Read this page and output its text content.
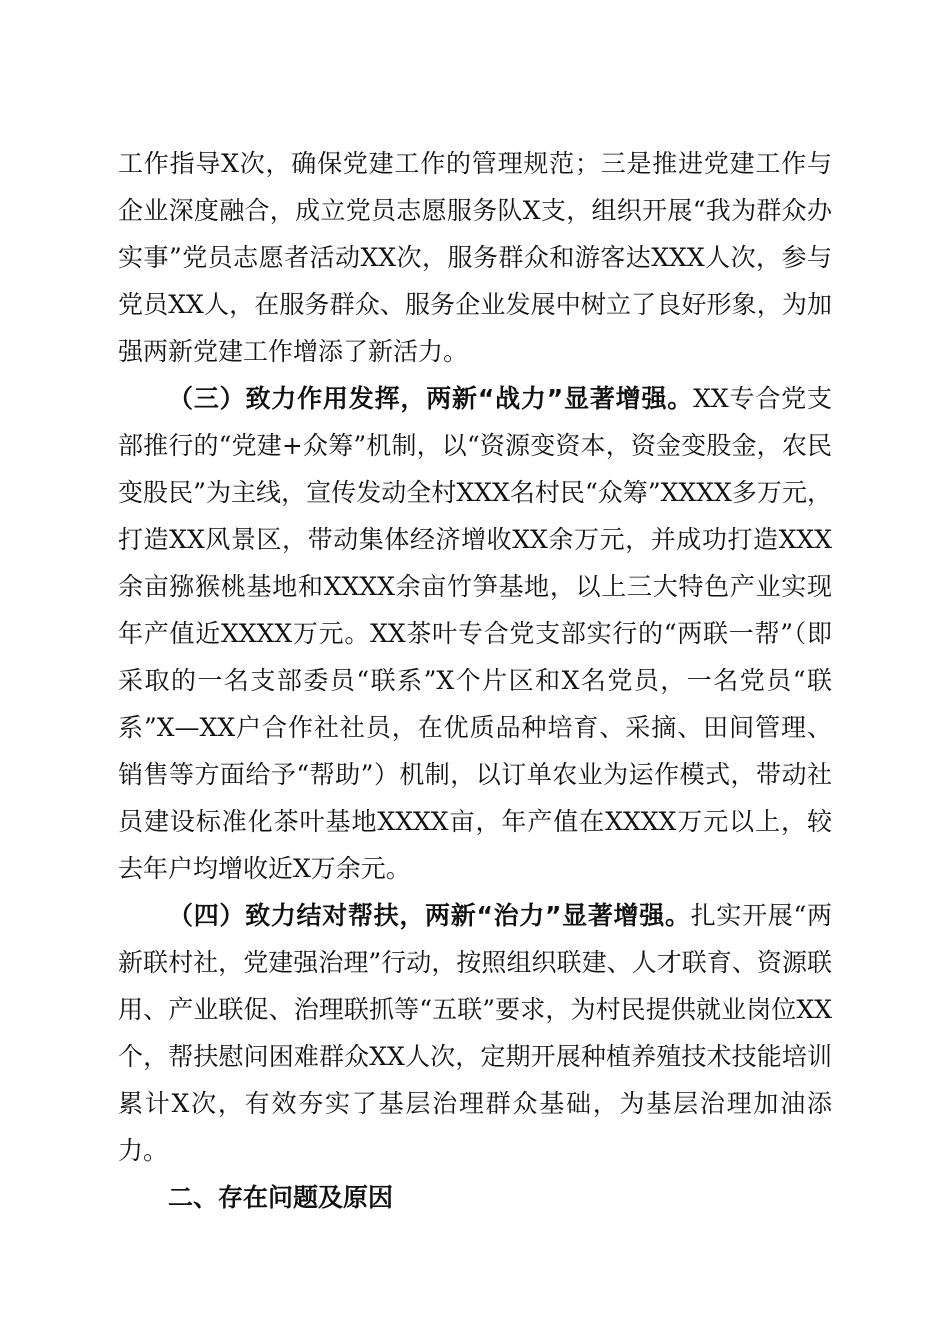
工作指导X次，确保党建工作的管理规范；三是推进党建工作与企业深度融合，成立党员志愿服务队X支，组织开展“我为群众办实事”党员志愿者活动XX次，服务群众和游客达XXX人次，参与党员XX人，在服务群众、服务企业发展中树立了良好形象，为加强两新党建工作增添了新活力。

（三）致力作用发挥，两新“战力”显著增强。XX专合党支部推行的“党建+众筹”机制，以“资源变资本，资金变股金，农民变股民”为主线，宣传发动全村XXX名村民“众筹”XXXX多万元，打造XX风景区，带动集体经济增收XX余万元，并成功打造XXX余亩猕猴桃基地和XXXX余亩竹笋基地，以上三大特色产业实现年产值近XXXX万元。XX茶叶专合党支部实行的“两联一帮”（即采取的一名支部委员“联系”X个片区和X名党员，一名党员“联系”X—XX户合作社社员，在优质品种培育、采摘、田间管理、销售等方面给予“帮助”）机制，以订单农业为运作模式，带动社员建设标准化茶叶基地XXXX亩，年产值在XXXX万元以上，较去年户均增收近X万余元。

（四）致力结对帮扶，两新“治力”显著增强。扎实开展“两新联村社，党建强治理”行动，按照组织联建、人才联育、资源联用、产业联促、治理联抓等“五联”要求，为村民提供就业岗位XX个，帮扶慰问困难群众XX人次，定期开展种植养殖技术技能培训累计X次，有效夯实了基层治理群众基础，为基层治理加油添力。

二、存在问题及原因
